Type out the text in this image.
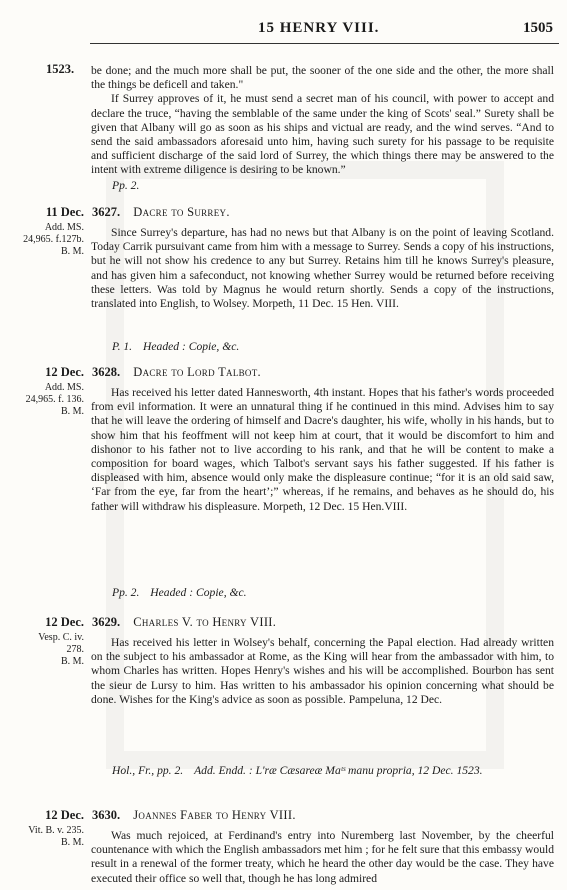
15 HENRY VIII.	1505
1523. be done; and the much more shall be put, the sooner of the one side and the other, the more shall the things be deficell and taken."

If Surrey approves of it, he must send a secret man of his council, with power to accept and declare the truce, “having the semblable of the same under the king of Scots' seal.” Surety shall be given that Albany will go as soon as his ships and victual are ready, and the wind serves. “And to send the said ambassadors aforesaid unto him, having such surety for his passage to be requisite and sufficient discharge of the said lord of Surrey, the which things there may be answered to the intent with extreme diligence is desiring to be known.”

Pp. 2.
11 Dec.
Add. MS.
24,965. f.127b.
B. M.
3627. Dacre to Surrey.

Since Surrey's departure, has had no news but that Albany is on the point of leaving Scotland. Today Carrik pursuivant came from him with a message to Surrey. Sends a copy of his instructions, but he will not show his credence to any but Surrey. Retains him till he knows Surrey's pleasure, and has given him a safeconduct, not knowing whether Surrey would be returned before receiving these letters. Was told by Magnus he would return shortly. Sends a copy of the instructions, translated into English, to Wolsey. Morpeth, 11 Dec. 15 Hen. VIII.

P. 1. Headed : Copie, &c.
12 Dec.
Add. MS.
24,965. f. 136.
B. M.
3628. Dacre to Lord Talbot.

Has received his letter dated Hannesworth, 4th instant. Hopes that his father's words proceeded from evil information. It were an unnatural thing if he continued in this mind. Advises him to say that he will leave the ordering of himself and Dacre's daughter, his wife, wholly in his hands, but to show him that his feoffment will not keep him at court, that it would be discomfort to him and dishonor to his father not to live according to his rank, and that he will be content to make a composition for board wages, which Talbot's servant says his father suggested. If his father is displeased with him, absence would only make the displeasure continue; “for it is an old said saw, ‘Far from the eye, far from the heart’;” whereas, if he remains, and behaves as he should do, his father will withdraw his displeasure. Morpeth, 12 Dec. 15 Hen.VIII.

Pp. 2. Headed : Copie, &c.
12 Dec.
Vesp. C. iv.
278.
B. M.
3629. Charles V. to Henry VIII.

Has received his letter in Wolsey's behalf, concerning the Papal election. Had already written on the subject to his ambassador at Rome, as the King will hear from the ambassador with him, to whom Charles has written. Hopes Henry's wishes and his will be accomplished. Bourbon has sent the sieur de Lursy to him. Has written to his ambassador his opinion concerning what should be done. Wishes for the King's advice as soon as possible. Pampeluna, 12 Dec.

Hol., Fr., pp. 2. Add. Endd. : L'ræ Cæsareæ Maᵗˢ manu propria, 12 Dec. 1523.
12 Dec.
Vit. B. v. 235.
B. M.
3630. Joannes Faber to Henry VIII.

Was much rejoiced, at Ferdinand's entry into Nuremberg last November, by the cheerful countenance with which the English ambassadors met him ; for he felt sure that this embassy would result in a renewal of the former treaty, which he heard the other day would be the case. They have executed their office so well that, though he has long admired
